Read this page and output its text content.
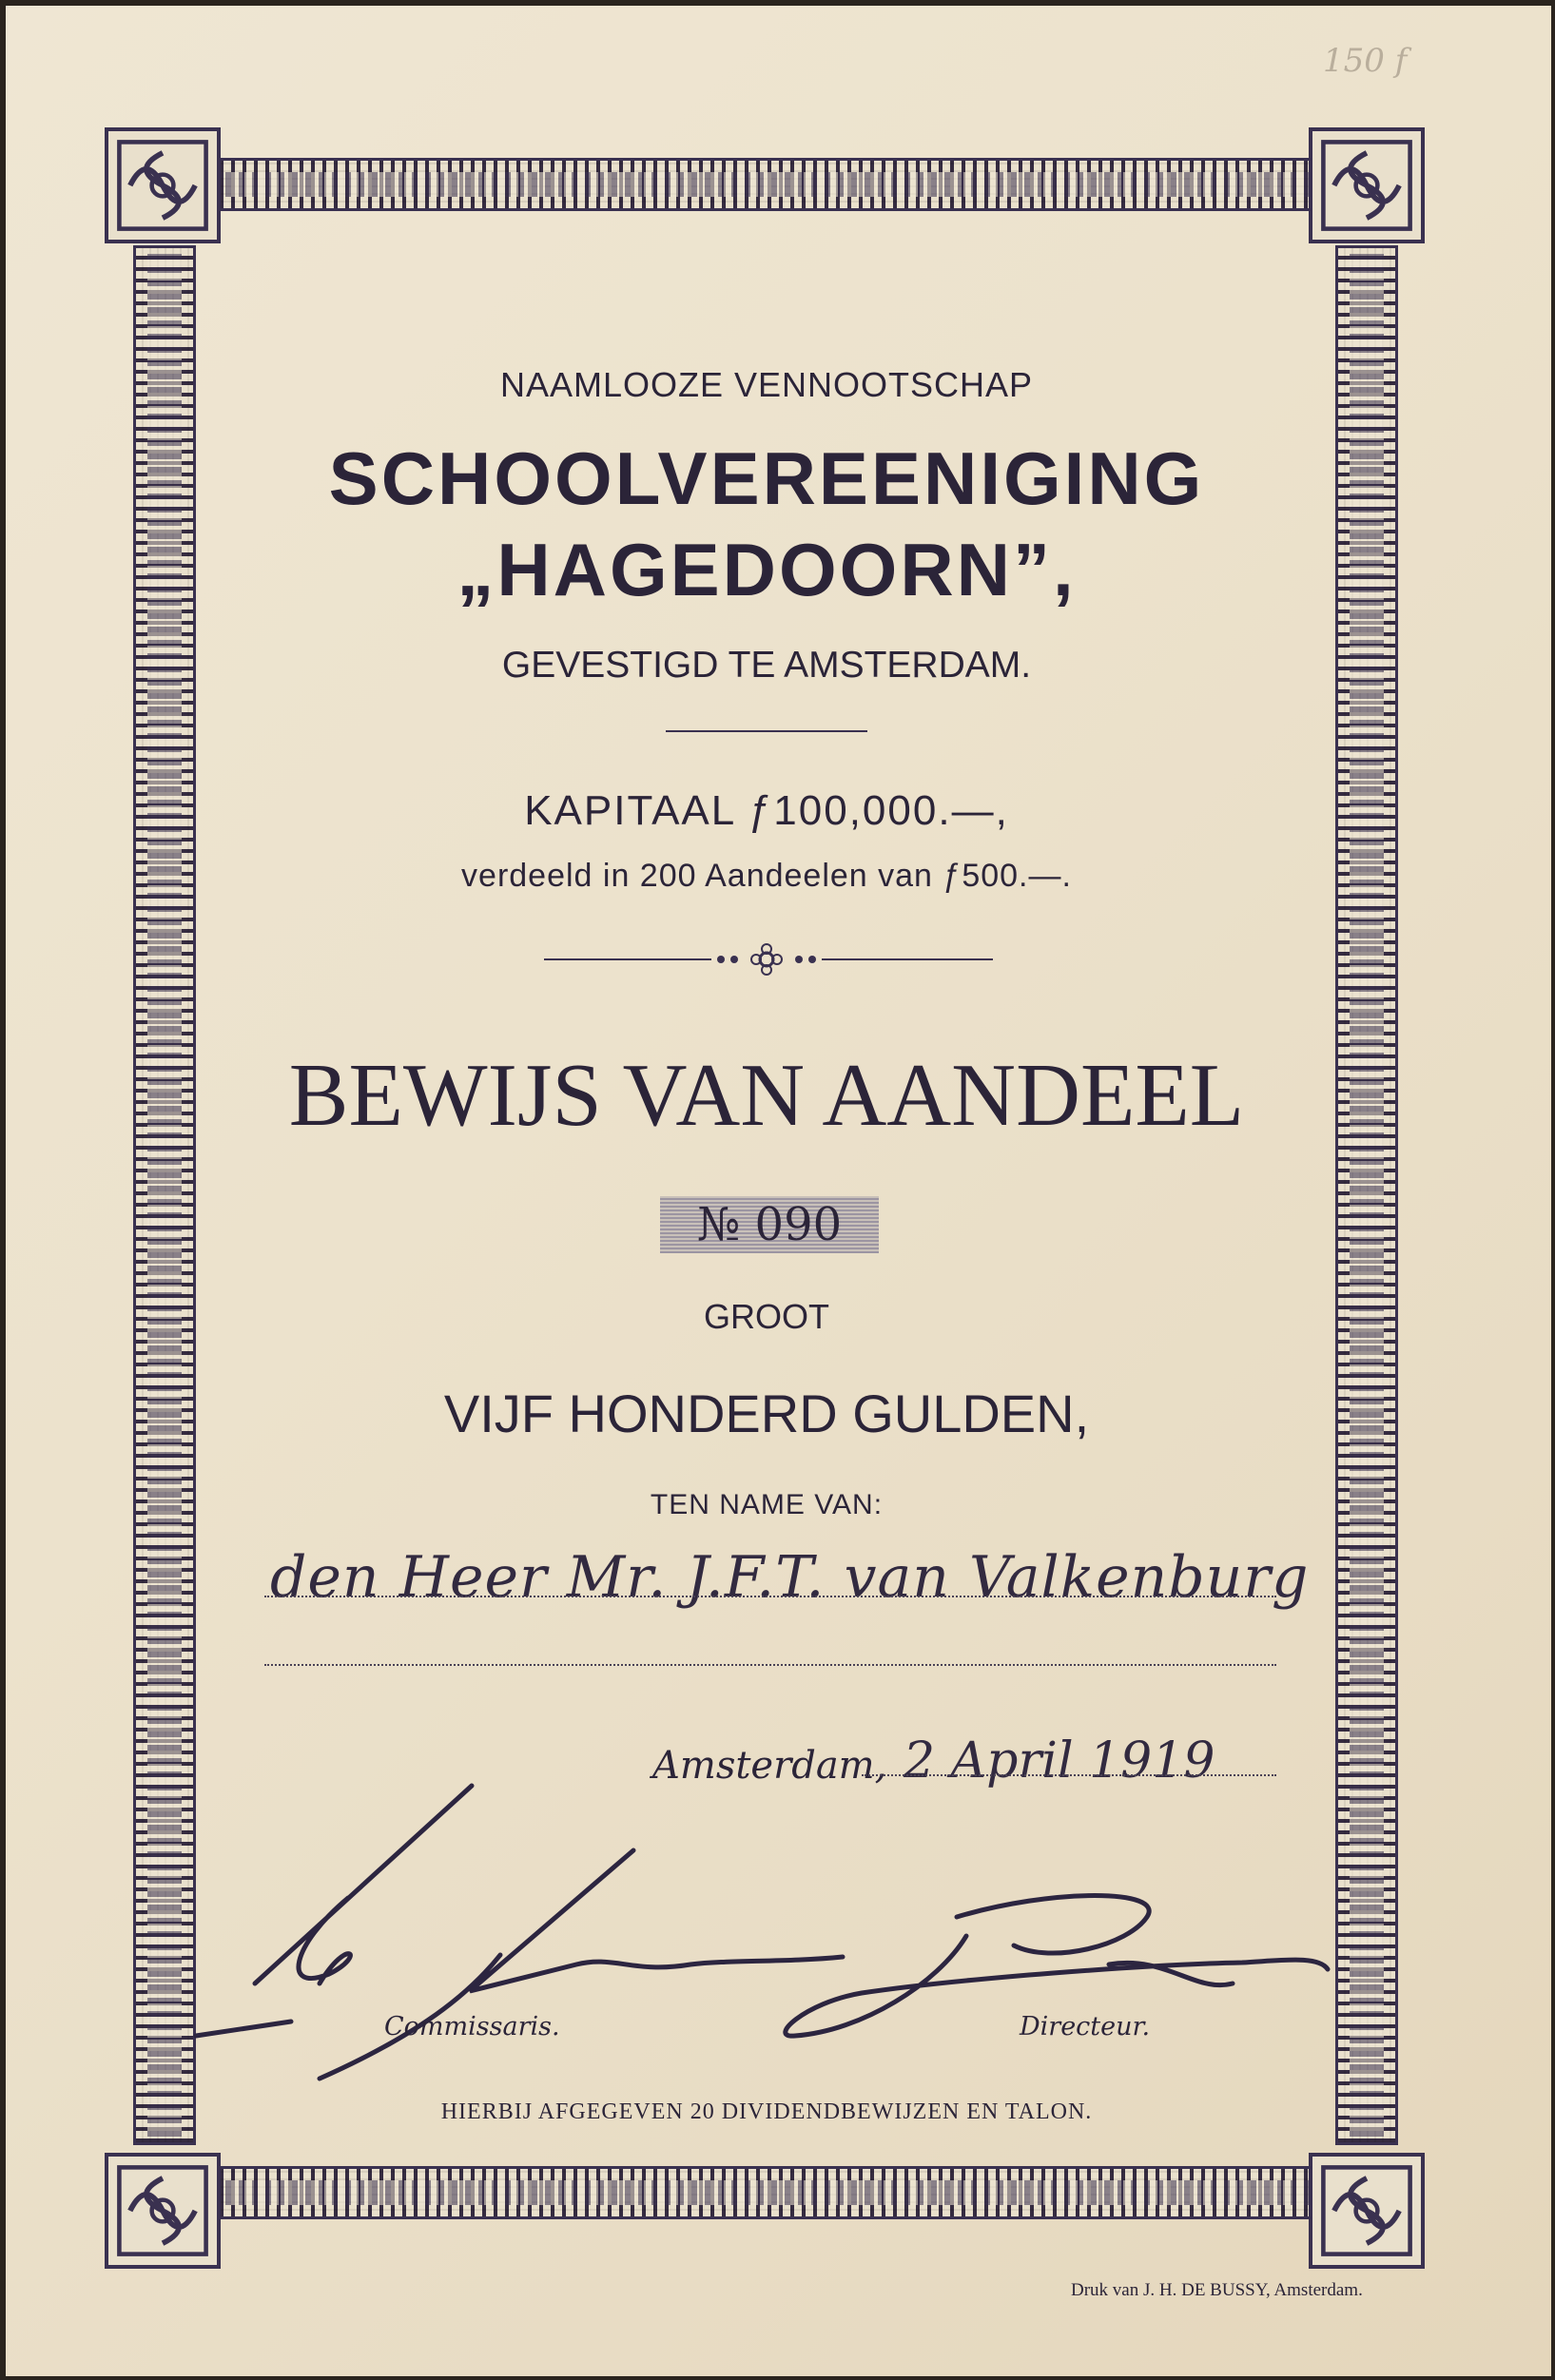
150 f
NAAMLOOZE VENNOOTSCHAP
SCHOOLVEREENIGING
„HAGEDOORN”,
GEVESTIGD TE AMSTERDAM.
KAPITAAL ƒ100,000.—,
verdeeld in 200 Aandeelen van ƒ500.—.
BEWIJS VAN AANDEEL
№ 090
GROOT
VIJF HONDERD GULDEN,
TEN NAME VAN:
den Heer Mr. J.F.T. van Valkenburg
Amsterdam, 2 April 1919
Commissaris.	Directeur.
HIERBIJ AFGEGEVEN 20 DIVIDENDBEWIJZEN EN TALON.
Druk van J. H. DE BUSSY, Amsterdam.
